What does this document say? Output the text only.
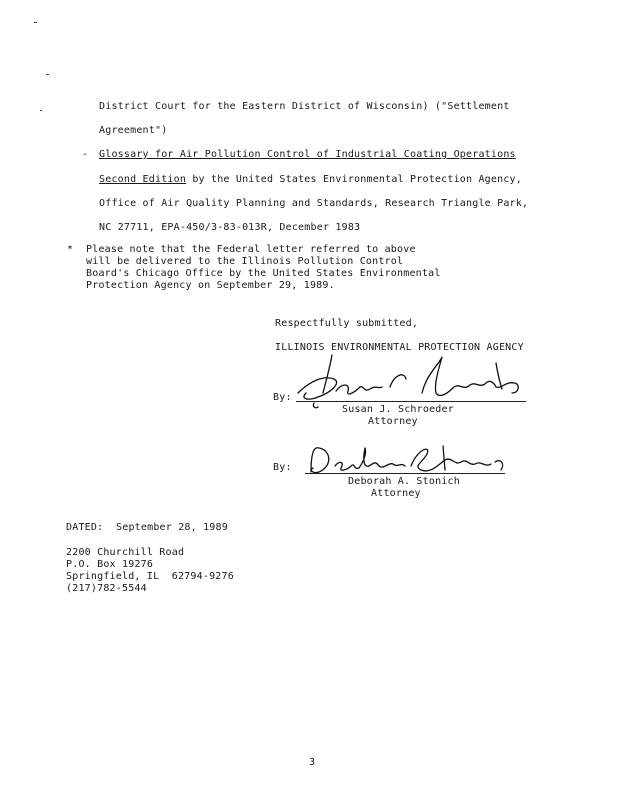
District Court for the Eastern District of Wisconsin) ("Settlement
Agreement")
- Glossary for Air Pollution Control of Industrial Coating Operations
Second Edition by the United States Environmental Protection Agency,
Office of Air Quality Planning and Standards, Research Triangle Park,
NC 27711, EPA-450/3-83-013R, December 1983
* Please note that the Federal letter referred to above
will be delivered to the Illinois Pollution Control
Board's Chicago Office by the United States Environmental
Protection Agency on September 29, 1989.
Respectfully submitted,
ILLINOIS ENVIRONMENTAL PROTECTION AGENCY
By:
Susan J. Schroeder
Attorney
By:
Deborah A. Stonich
Attorney
DATED: September 28, 1989
2200 Churchill Road
P.O. Box 19276
Springfield, IL  62794-9276
(217)782-5544
3
